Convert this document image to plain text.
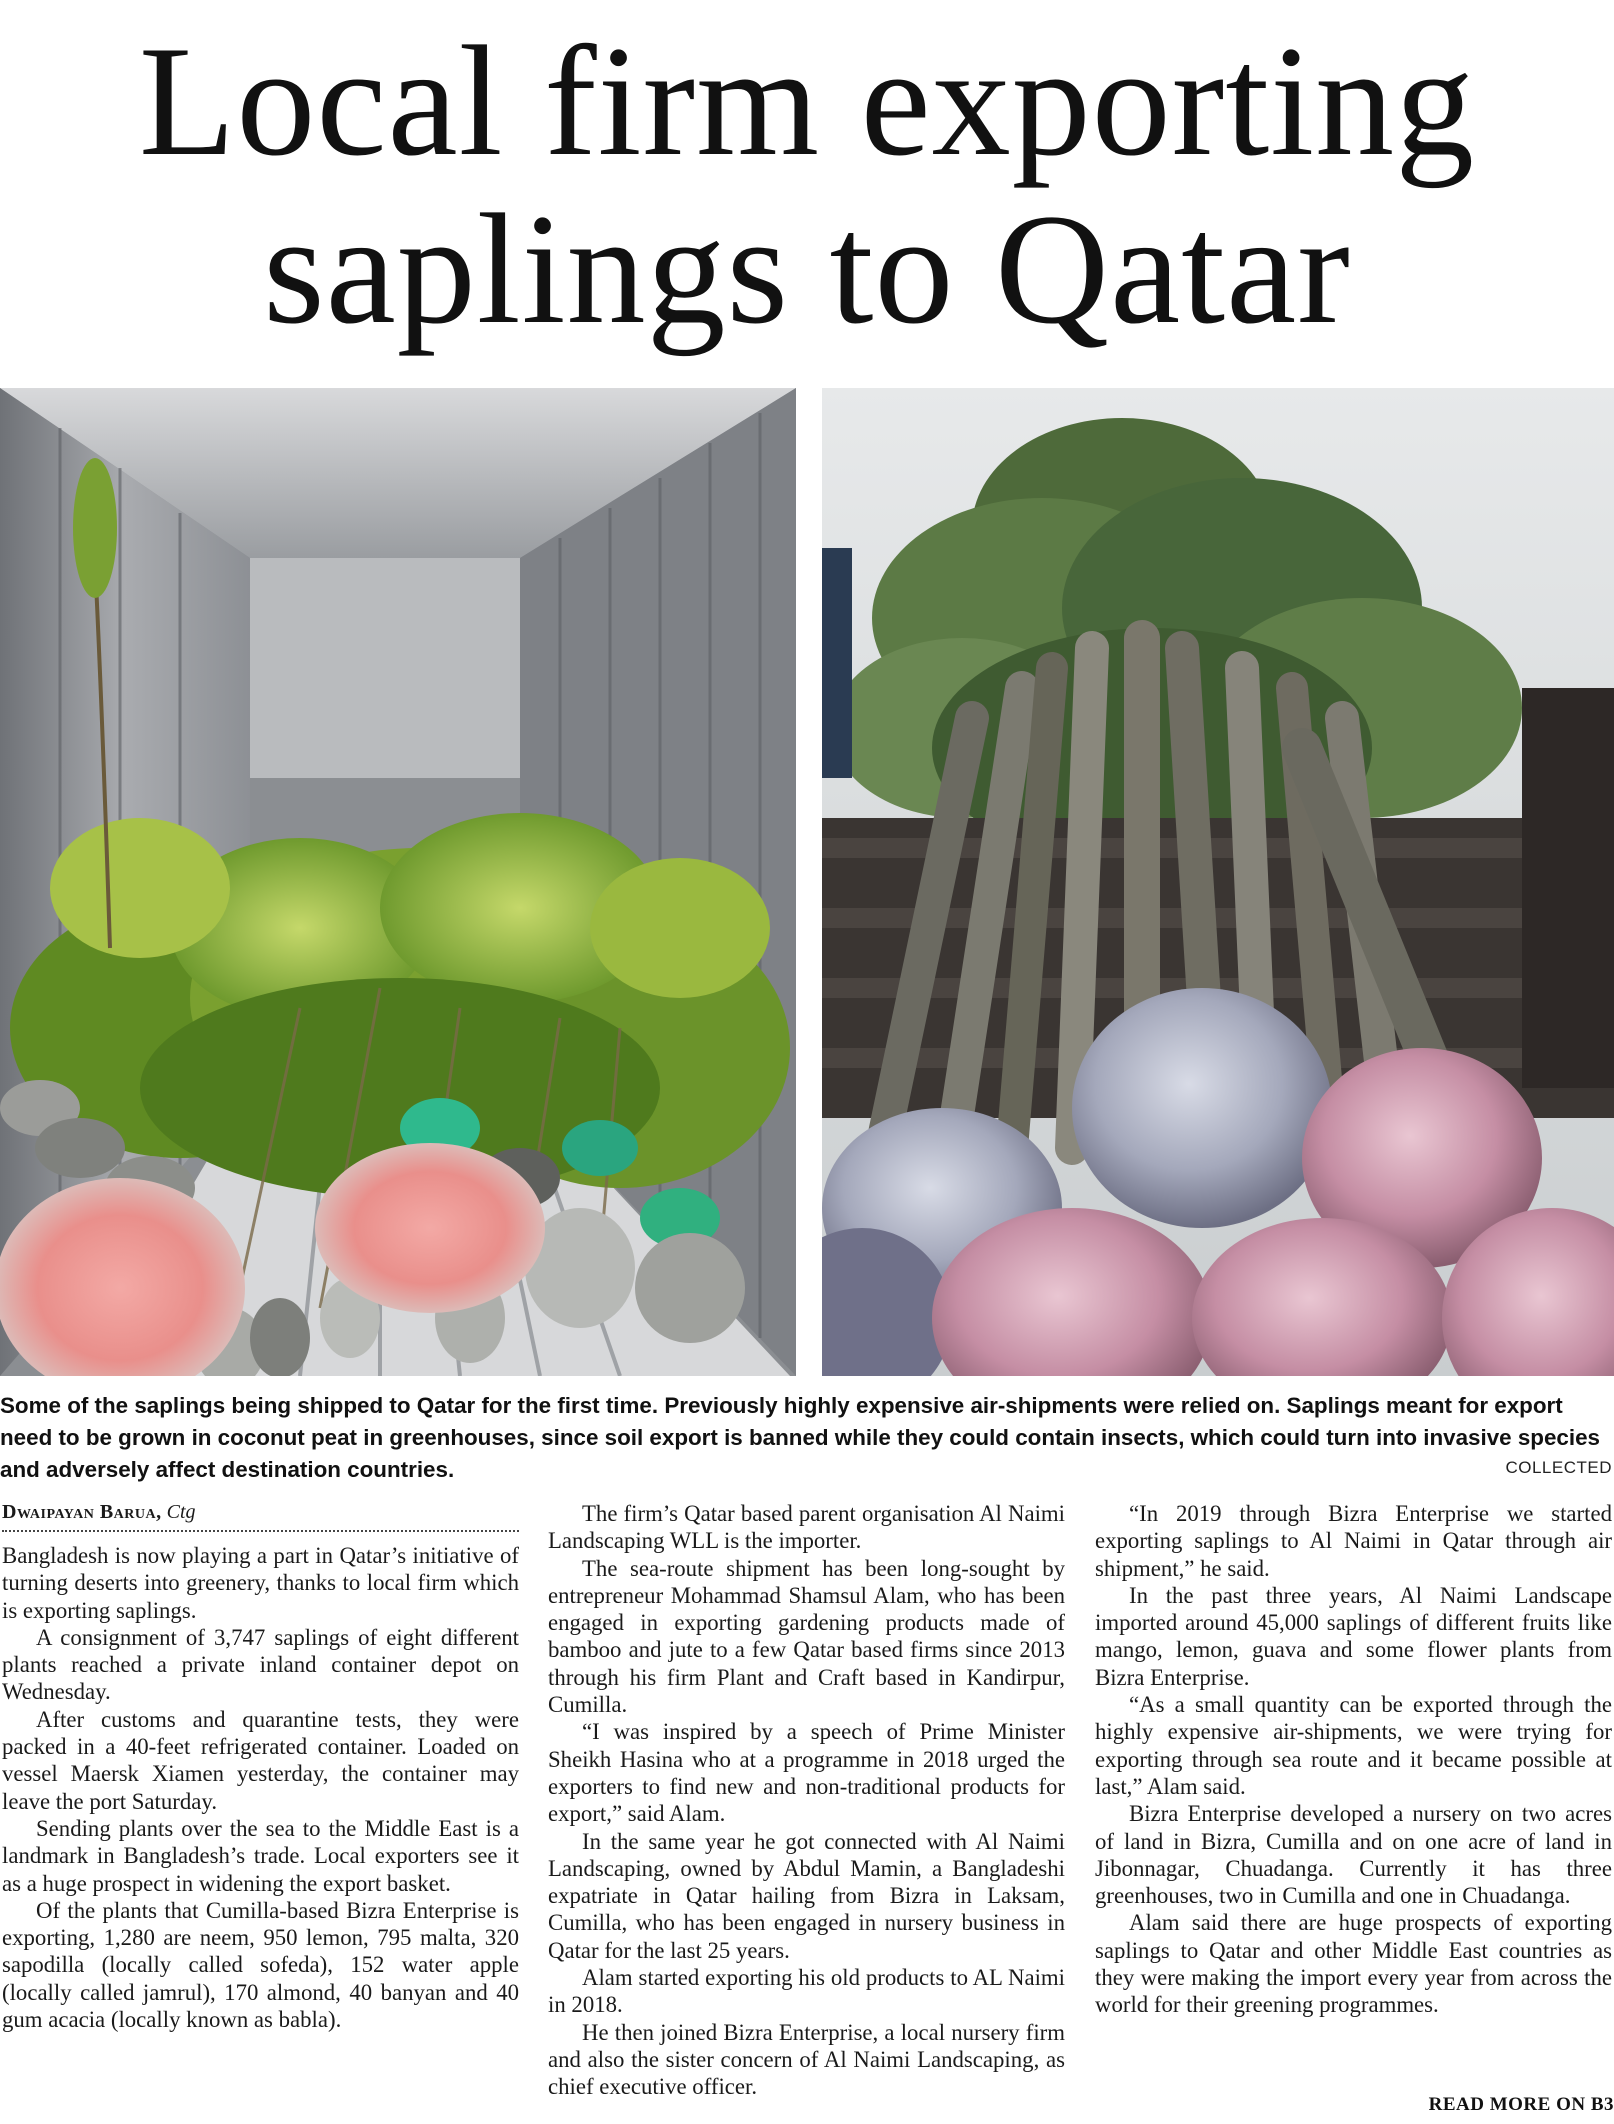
Local firm exporting
saplings to Qatar

Some of the saplings being shipped to Qatar for the first time. Previously highly expensive air-shipments were relied on. Saplings meant for export need to be grown in coconut peat in greenhouses, since soil export is banned while they could contain insects, which could turn into invasive species and adversely affect destination countries.	COLLECTED
Dwaipayan Barua, Ctg

Bangladesh is now playing a part in Qatar’s initiative of turning deserts into greenery, thanks to local firm which is exporting saplings.

A consignment of 3,747 saplings of eight different plants reached a private inland container depot on Wednesday.

After customs and quarantine tests, they were packed in a 40-feet refrigerated container. Loaded on vessel Maersk Xiamen yesterday, the container may leave the port Saturday.

Sending plants over the sea to the Middle East is a landmark in Bangladesh’s trade. Local exporters see it as a huge prospect in widening the export basket.

Of the plants that Cumilla-based Bizra Enterprise is exporting, 1,280 are neem, 950 lemon, 795 malta, 320 sapodilla (locally called sofeda), 152 water apple (locally called jamrul), 170 almond, 40 banyan and 40 gum acacia (locally known as babla).

The firm’s Qatar based parent organisation Al Naimi Landscaping WLL is the importer.

The sea-route shipment has been long-sought by entrepreneur Mohammad Shamsul Alam, who has been engaged in exporting gardening products made of bamboo and jute to a few Qatar based firms since 2013 through his firm Plant and Craft based in Kandirpur, Cumilla.

“I was inspired by a speech of Prime Minister Sheikh Hasina who at a programme in 2018 urged the exporters to find new and non-traditional products for export,” said Alam.

In the same year he got connected with Al Naimi Landscaping, owned by Abdul Mamin, a Bangladeshi expatriate in Qatar hailing from Bizra in Laksam, Cumilla, who has been engaged in nursery business in Qatar for the last 25 years.

Alam started exporting his old products to AL Naimi in 2018.

He then joined Bizra Enterprise, a local nursery firm and also the sister concern of Al Naimi Landscaping, as chief executive officer.

“In 2019 through Bizra Enterprise we started exporting saplings to Al Naimi in Qatar through air shipment,” he said.

In the past three years, Al Naimi Landscape imported around 45,000 saplings of different fruits like mango, lemon, guava and some flower plants from Bizra Enterprise.

“As a small quantity can be exported through the highly expensive air-shipments, we were trying for exporting through sea route and it became possible at last,” Alam said.

Bizra Enterprise developed a nursery on two acres of land in Bizra, Cumilla and on one acre of land in Jibonnagar, Chuadanga. Currently it has three greenhouses, two in Cumilla and one in Chuadanga.

Alam said there are huge prospects of exporting saplings to Qatar and other Middle East countries as they were making the import every year from across the world for their greening programmes.

READ MORE ON B3
